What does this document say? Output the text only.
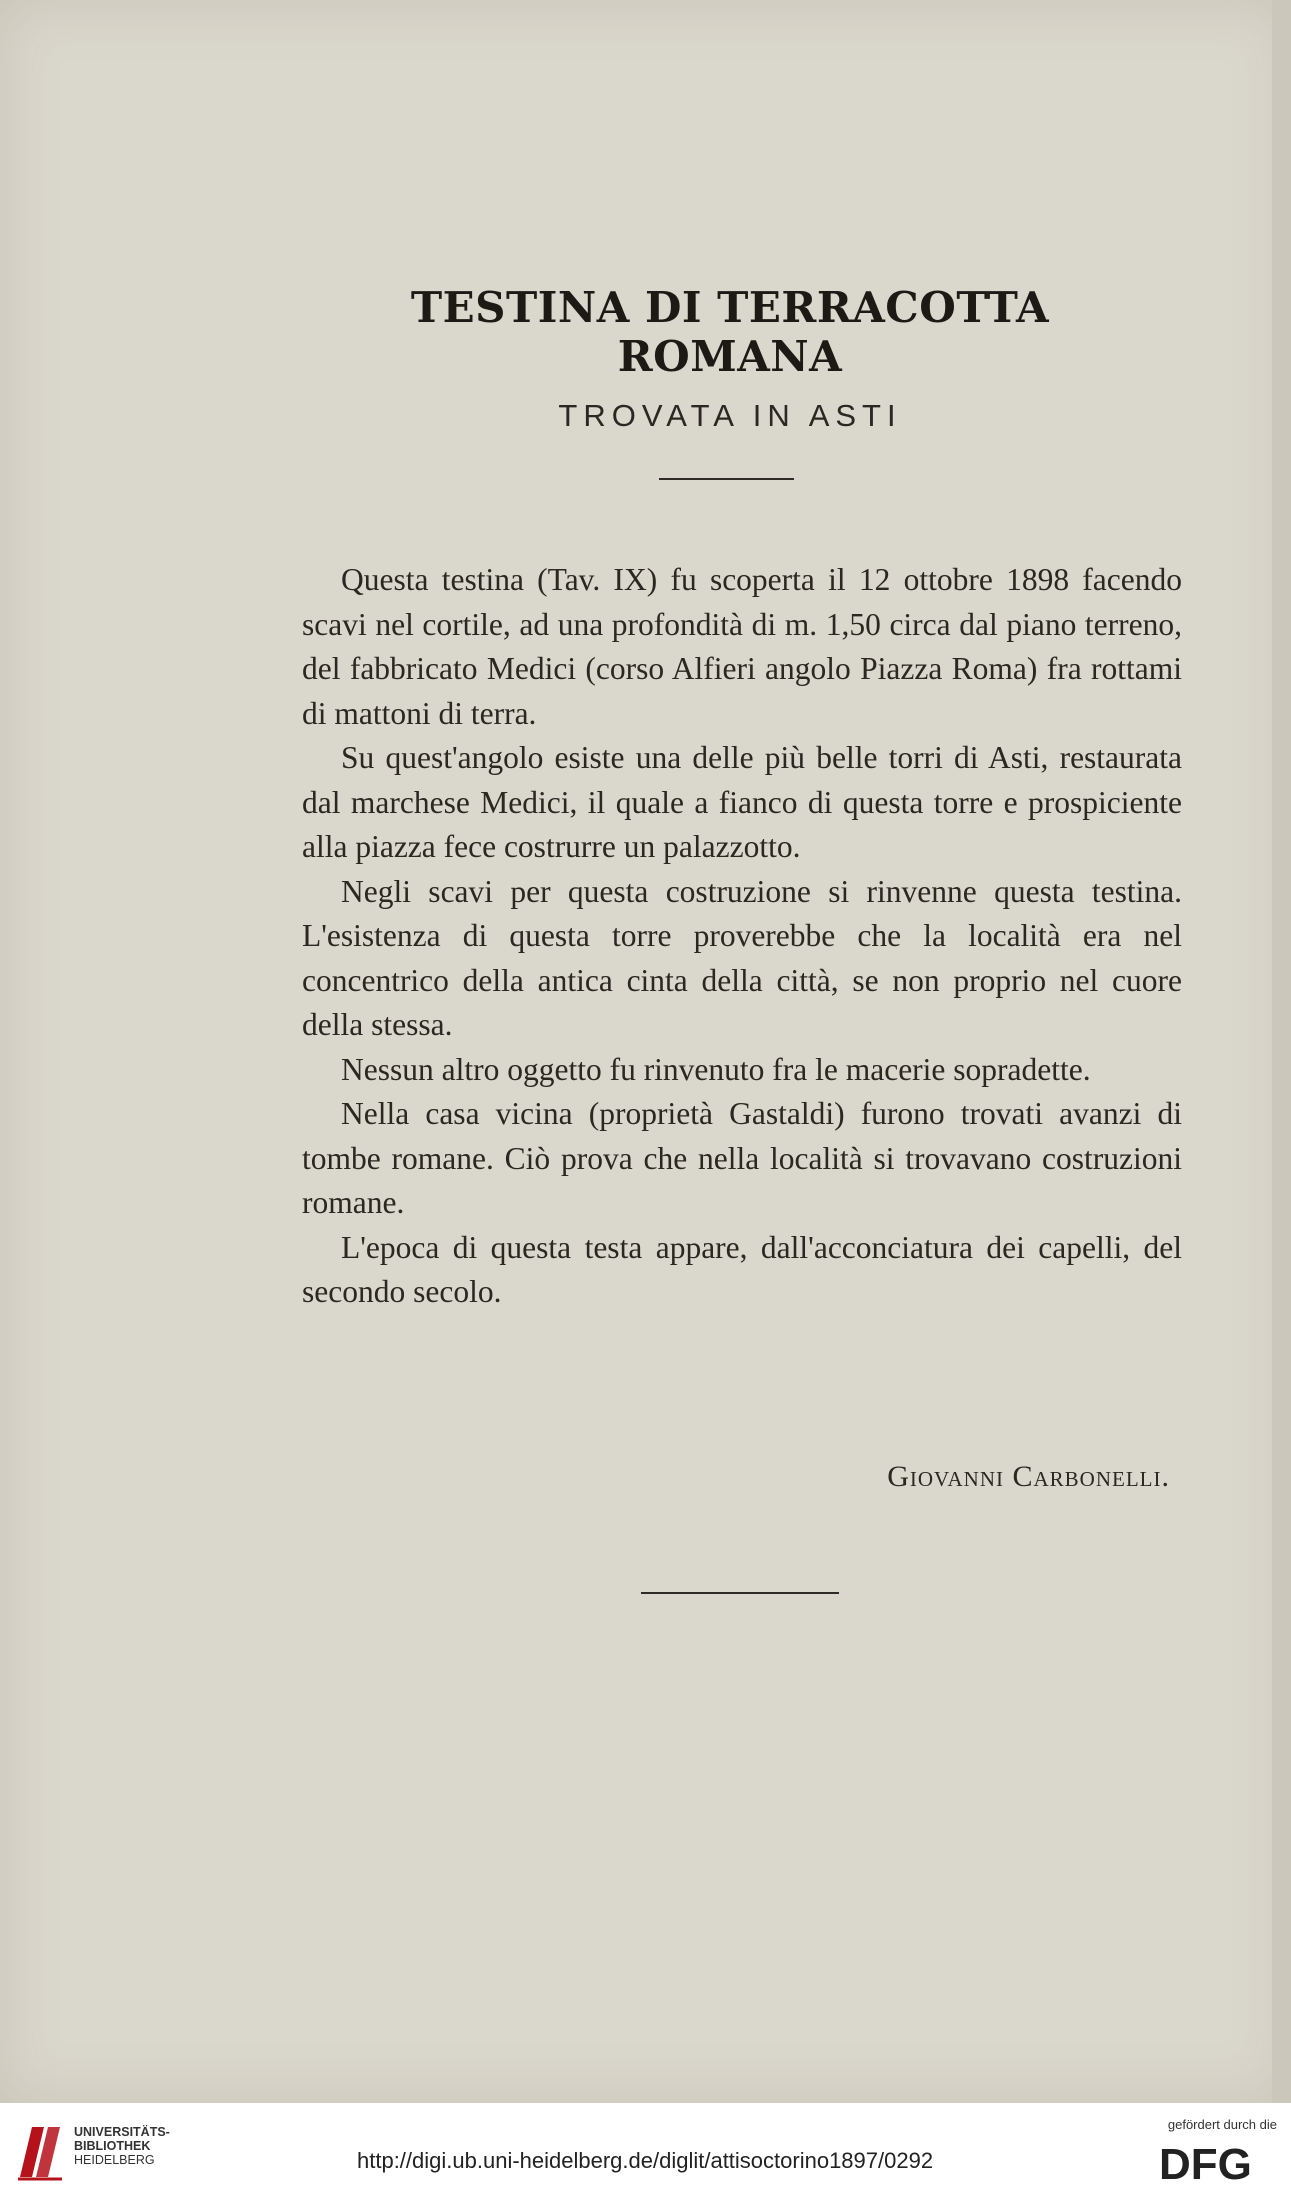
TESTINA DI TERRACOTTA ROMANA
TROVATA IN ASTI

Questa testina (Tav. IX) fu scoperta il 12 ottobre 1898 facendo scavi nel cortile, ad una profondità di m. 1,50 circa dal piano terreno, del fabbricato Medici (corso Alfieri angolo Piazza Roma) fra rottami di mattoni di terra.

Su quest'angolo esiste una delle più belle torri di Asti, restaurata dal marchese Medici, il quale a fianco di questa torre e prospiciente alla piazza fece costrurre un palazzotto.

Negli scavi per questa costruzione si rinvenne questa testina. L'esistenza di questa torre proverebbe che la località era nel concentrico della antica cinta della città, se non proprio nel cuore della stessa.

Nessun altro oggetto fu rinvenuto fra le macerie sopradette.

Nella casa vicina (proprietà Gastaldi) furono trovati avanzi di tombe romane. Ciò prova che nella località si trovavano costruzioni romane.

L'epoca di questa testa appare, dall'acconciatura dei capelli, del secondo secolo.

Giovanni Carbonelli.
UNIVERSITÄTS-
BIBLIOTHEK
HEIDELBERG	http://digi.ub.uni-heidelberg.de/diglit/attisoctorino1897/0292
gefördert durch die
DFG
